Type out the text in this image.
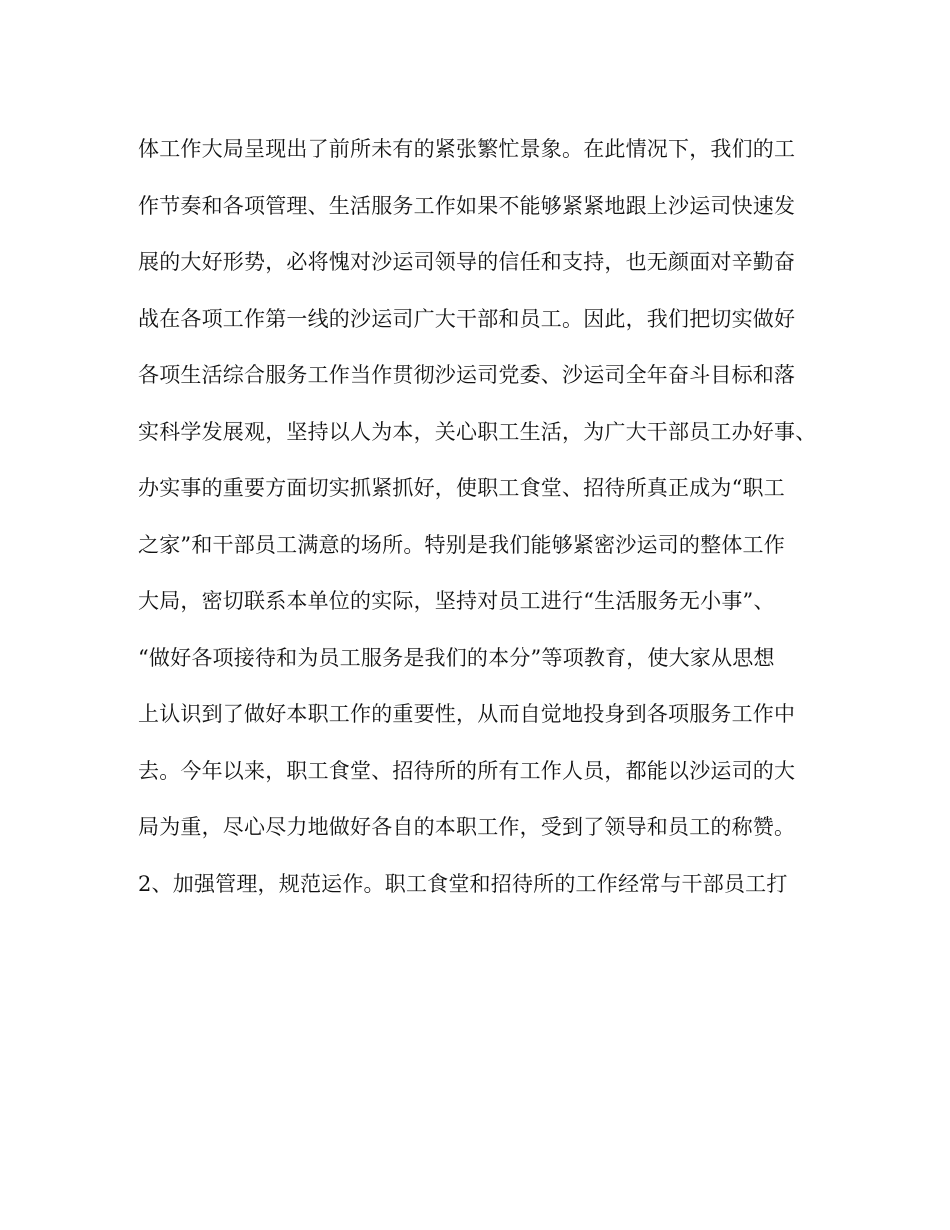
体工作大局呈现出了前所未有的紧张繁忙景象。在此情况下，我们的工
作节奏和各项管理、生活服务工作如果不能够紧紧地跟上沙运司快速发
展的大好形势，必将愧对沙运司领导的信任和支持，也无颜面对辛勤奋
战在各项工作第一线的沙运司广大干部和员工。因此，我们把切实做好
各项生活综合服务工作当作贯彻沙运司党委、沙运司全年奋斗目标和落
实科学发展观，坚持以人为本，关心职工生活，为广大干部员工办好事、
办实事的重要方面切实抓紧抓好，使职工食堂、招待所真正成为“职工
之家”和干部员工满意的场所。特别是我们能够紧密沙运司的整体工作
大局，密切联系本单位的实际，坚持对员工进行“生活服务无小事”、
“做好各项接待和为员工服务是我们的本分”等项教育，使大家从思想
上认识到了做好本职工作的重要性，从而自觉地投身到各项服务工作中
去。今年以来，职工食堂、招待所的所有工作人员，都能以沙运司的大
局为重，尽心尽力地做好各自的本职工作，受到了领导和员工的称赞。
2、加强管理，规范运作。职工食堂和招待所的工作经常与干部员工打
